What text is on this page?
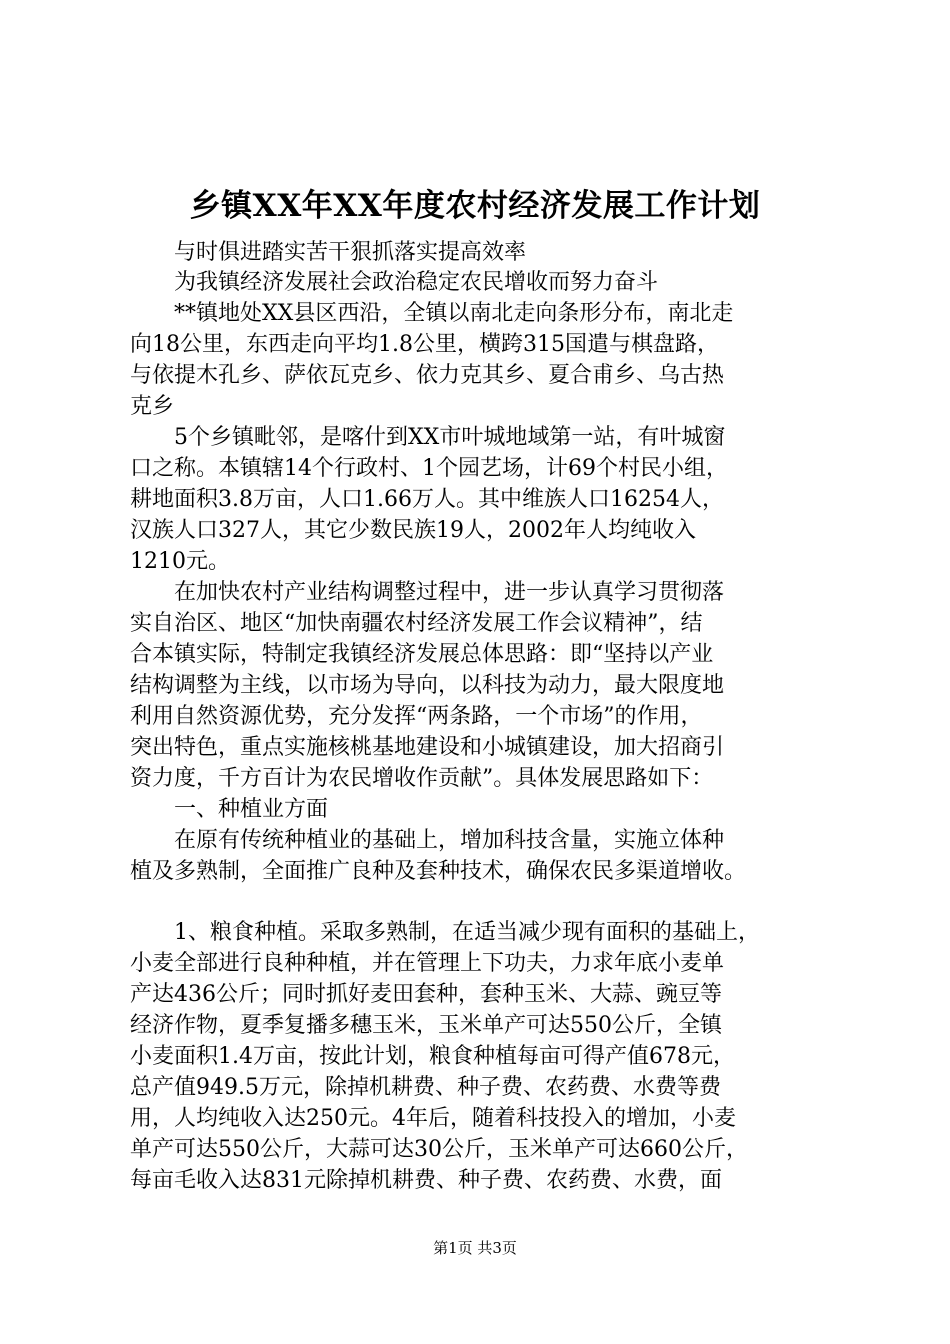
乡镇XX年XX年度农村经济发展工作计划
　　与时俱进踏实苦干狠抓落实提高效率
　　为我镇经济发展社会政治稳定农民增收而努力奋斗
　　**镇地处XX县区西沿，全镇以南北走向条形分布，南北走
向18公里，东西走向平均1.8公里，横跨315国遣与棋盘路，
与依提木孔乡、萨依瓦克乡、依力克其乡、夏合甫乡、乌古热
克乡
　　5个乡镇毗邻，是喀什到XX市叶城地域第一站，有叶城窗
口之称。本镇辖14个行政村、1个园艺场，计69个村民小组，
耕地面积3.8万亩，人口1.66万人。其中维族人口16254人，
汉族人口327人，其它少数民族19人，2002年人均纯收入
1210元。
　　在加快农村产业结构调整过程中，进一步认真学习贯彻落
实自治区、地区“加快南疆农村经济发展工作会议精神”，结
合本镇实际，特制定我镇经济发展总体思路：即“坚持以产业
结构调整为主线，以市场为导向，以科技为动力，最大限度地
利用自然资源优势，充分发挥“两条路，一个市场”的作用，
突出特色，重点实施核桃基地建设和小城镇建设，加大招商引
资力度，千方百计为农民增收作贡献”。具体发展思路如下：
　　一、种植业方面
　　在原有传统种植业的基础上，增加科技含量，实施立体种
植及多熟制，全面推广良种及套种技术，确保农民多渠道增收。
　　1、粮食种植。采取多熟制，在适当减少现有面积的基础上，
小麦全部进行良种种植，并在管理上下功夫，力求年底小麦单
产达436公斤；同时抓好麦田套种，套种玉米、大蒜、豌豆等
经济作物，夏季复播多穗玉米，玉米单产可达550公斤，全镇
小麦面积1.4万亩，按此计划，粮食种植每亩可得产值678元，
总产值949.5万元，除掉机耕费、种子费、农药费、水费等费
用，人均纯收入达250元。4年后，随着科技投入的增加，小麦
单产可达550公斤，大蒜可达30公斤，玉米单产可达660公斤，
每亩毛收入达831元除掉机耕费、种子费、农药费、水费，面
第1页 共3页
